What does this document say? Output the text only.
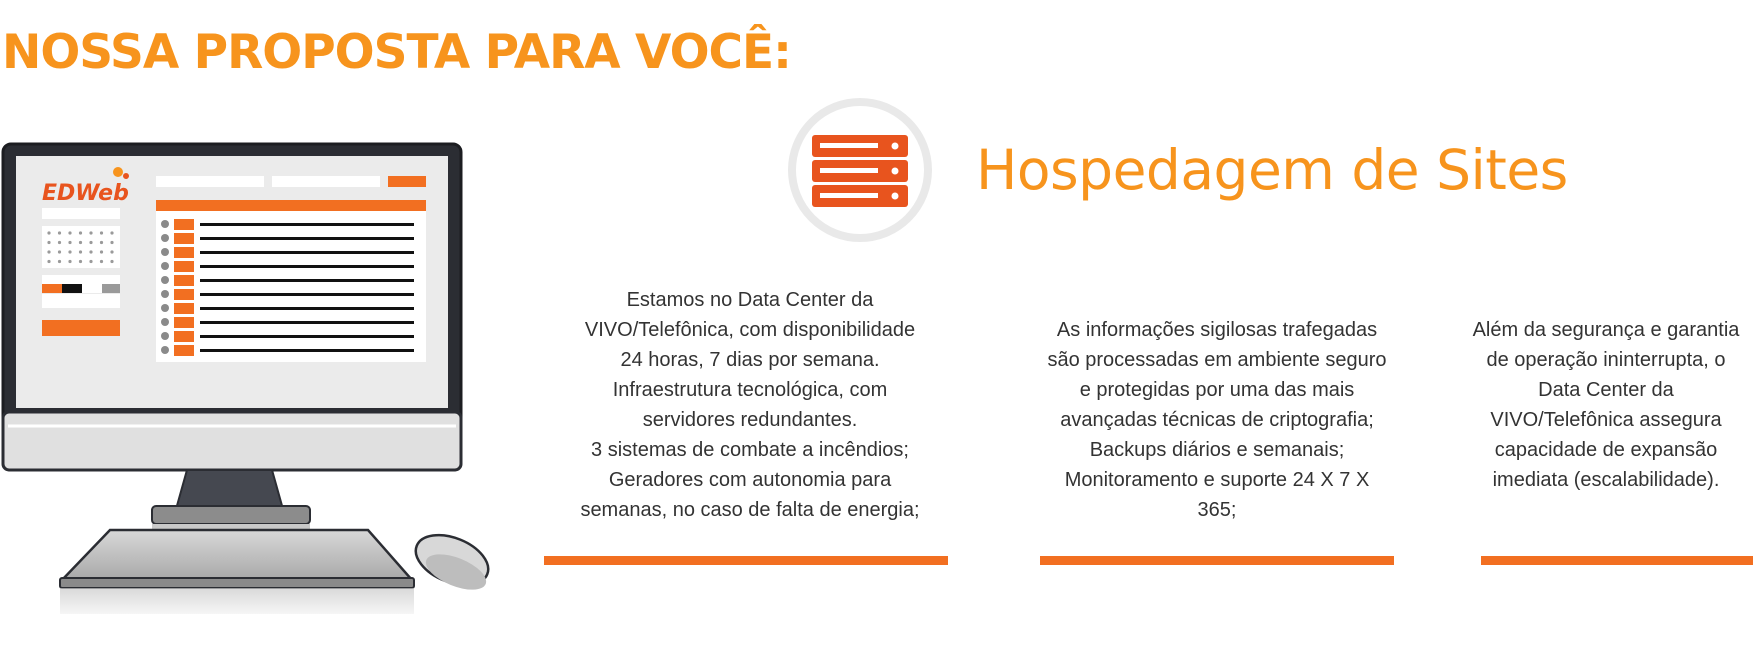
NOSSA PROPOSTA PARA VOCÊ:
EDWeb	Hospedagem de Sites

Estamos no Data Center da
VIVO/Telefônica, com disponibilidade
24 horas, 7 dias por semana.
Infraestrutura tecnológica, com
servidores redundantes.
3 sistemas de combate a incêndios;
Geradores com autonomia para
semanas, no caso de falta de energia;

As informações sigilosas trafegadas
são processadas em ambiente seguro
e protegidas por uma das mais
avançadas técnicas de criptografia;
Backups diários e semanais;
Monitoramento e suporte 24 X 7 X
365;

Além da segurança e garantia
de operação ininterrupta, o
Data Center da
VIVO/Telefônica assegura
capacidade de expansão
imediata (escalabilidade).
